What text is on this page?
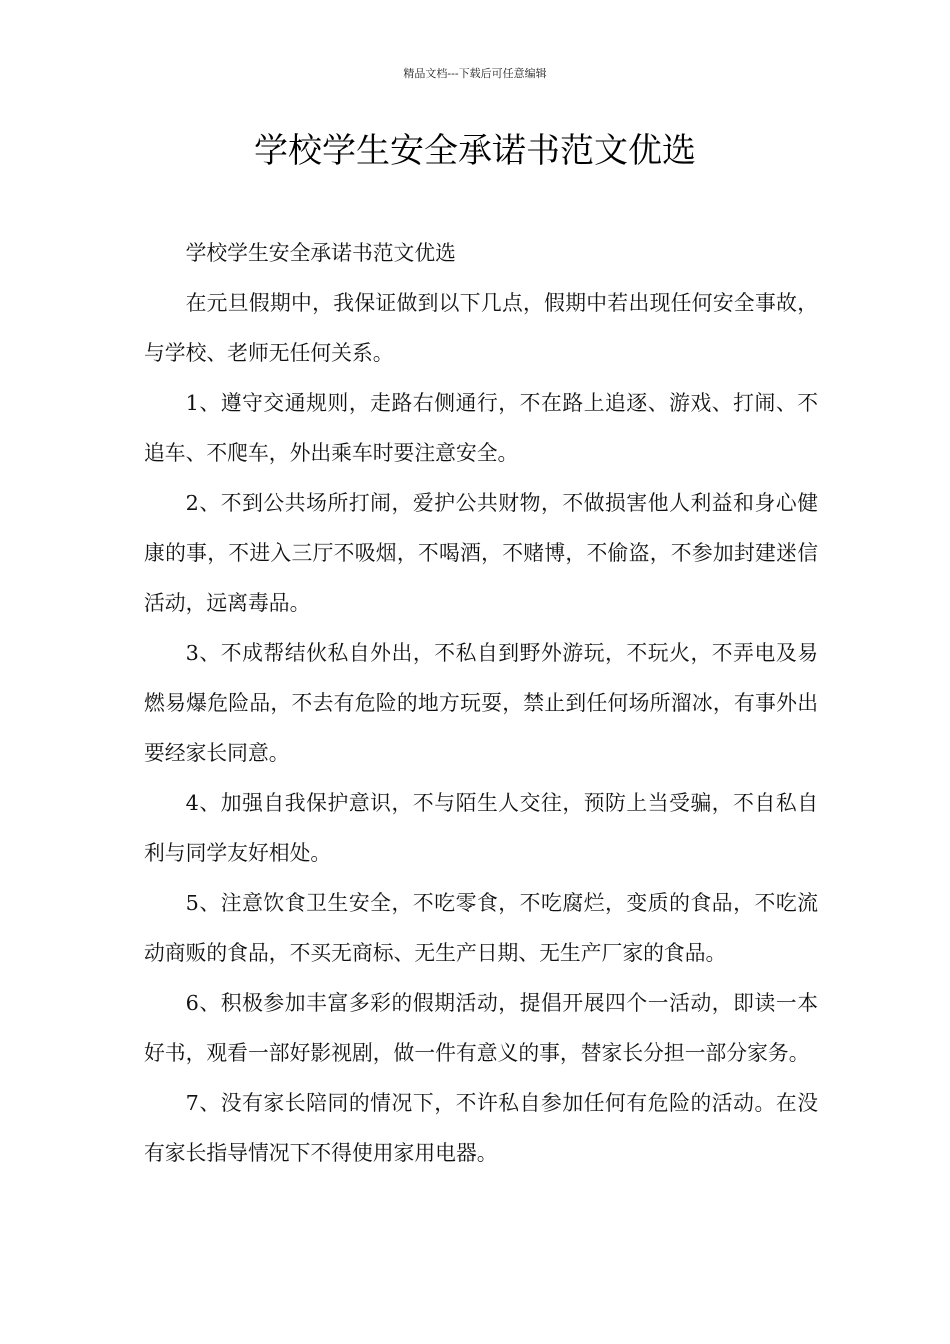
精品文档---下载后可任意编辑
学校学生安全承诺书范文优选

学校学生安全承诺书范文优选

在元旦假期中，我保证做到以下几点，假期中若出现任何安全事故，与学校、老师无任何关系。

1、遵守交通规则，走路右侧通行，不在路上追逐、游戏、打闹、不追车、不爬车，外出乘车时要注意安全。

2、不到公共场所打闹，爱护公共财物，不做损害他人利益和身心健康的事，不进入三厅不吸烟，不喝酒，不赌博，不偷盗，不参加封建迷信活动，远离毒品。

3、不成帮结伙私自外出，不私自到野外游玩，不玩火，不弄电及易燃易爆危险品，不去有危险的地方玩耍，禁止到任何场所溜冰，有事外出要经家长同意。

4、加强自我保护意识，不与陌生人交往，预防上当受骗，不自私自利与同学友好相处。

5、注意饮食卫生安全，不吃零食，不吃腐烂，变质的食品，不吃流动商贩的食品，不买无商标、无生产日期、无生产厂家的食品。

6、积极参加丰富多彩的假期活动，提倡开展四个一活动，即读一本好书，观看一部好影视剧，做一件有意义的事，替家长分担一部分家务。

7、没有家长陪同的情况下，不许私自参加任何有危险的活动。在没有家长指导情况下不得使用家用电器。
